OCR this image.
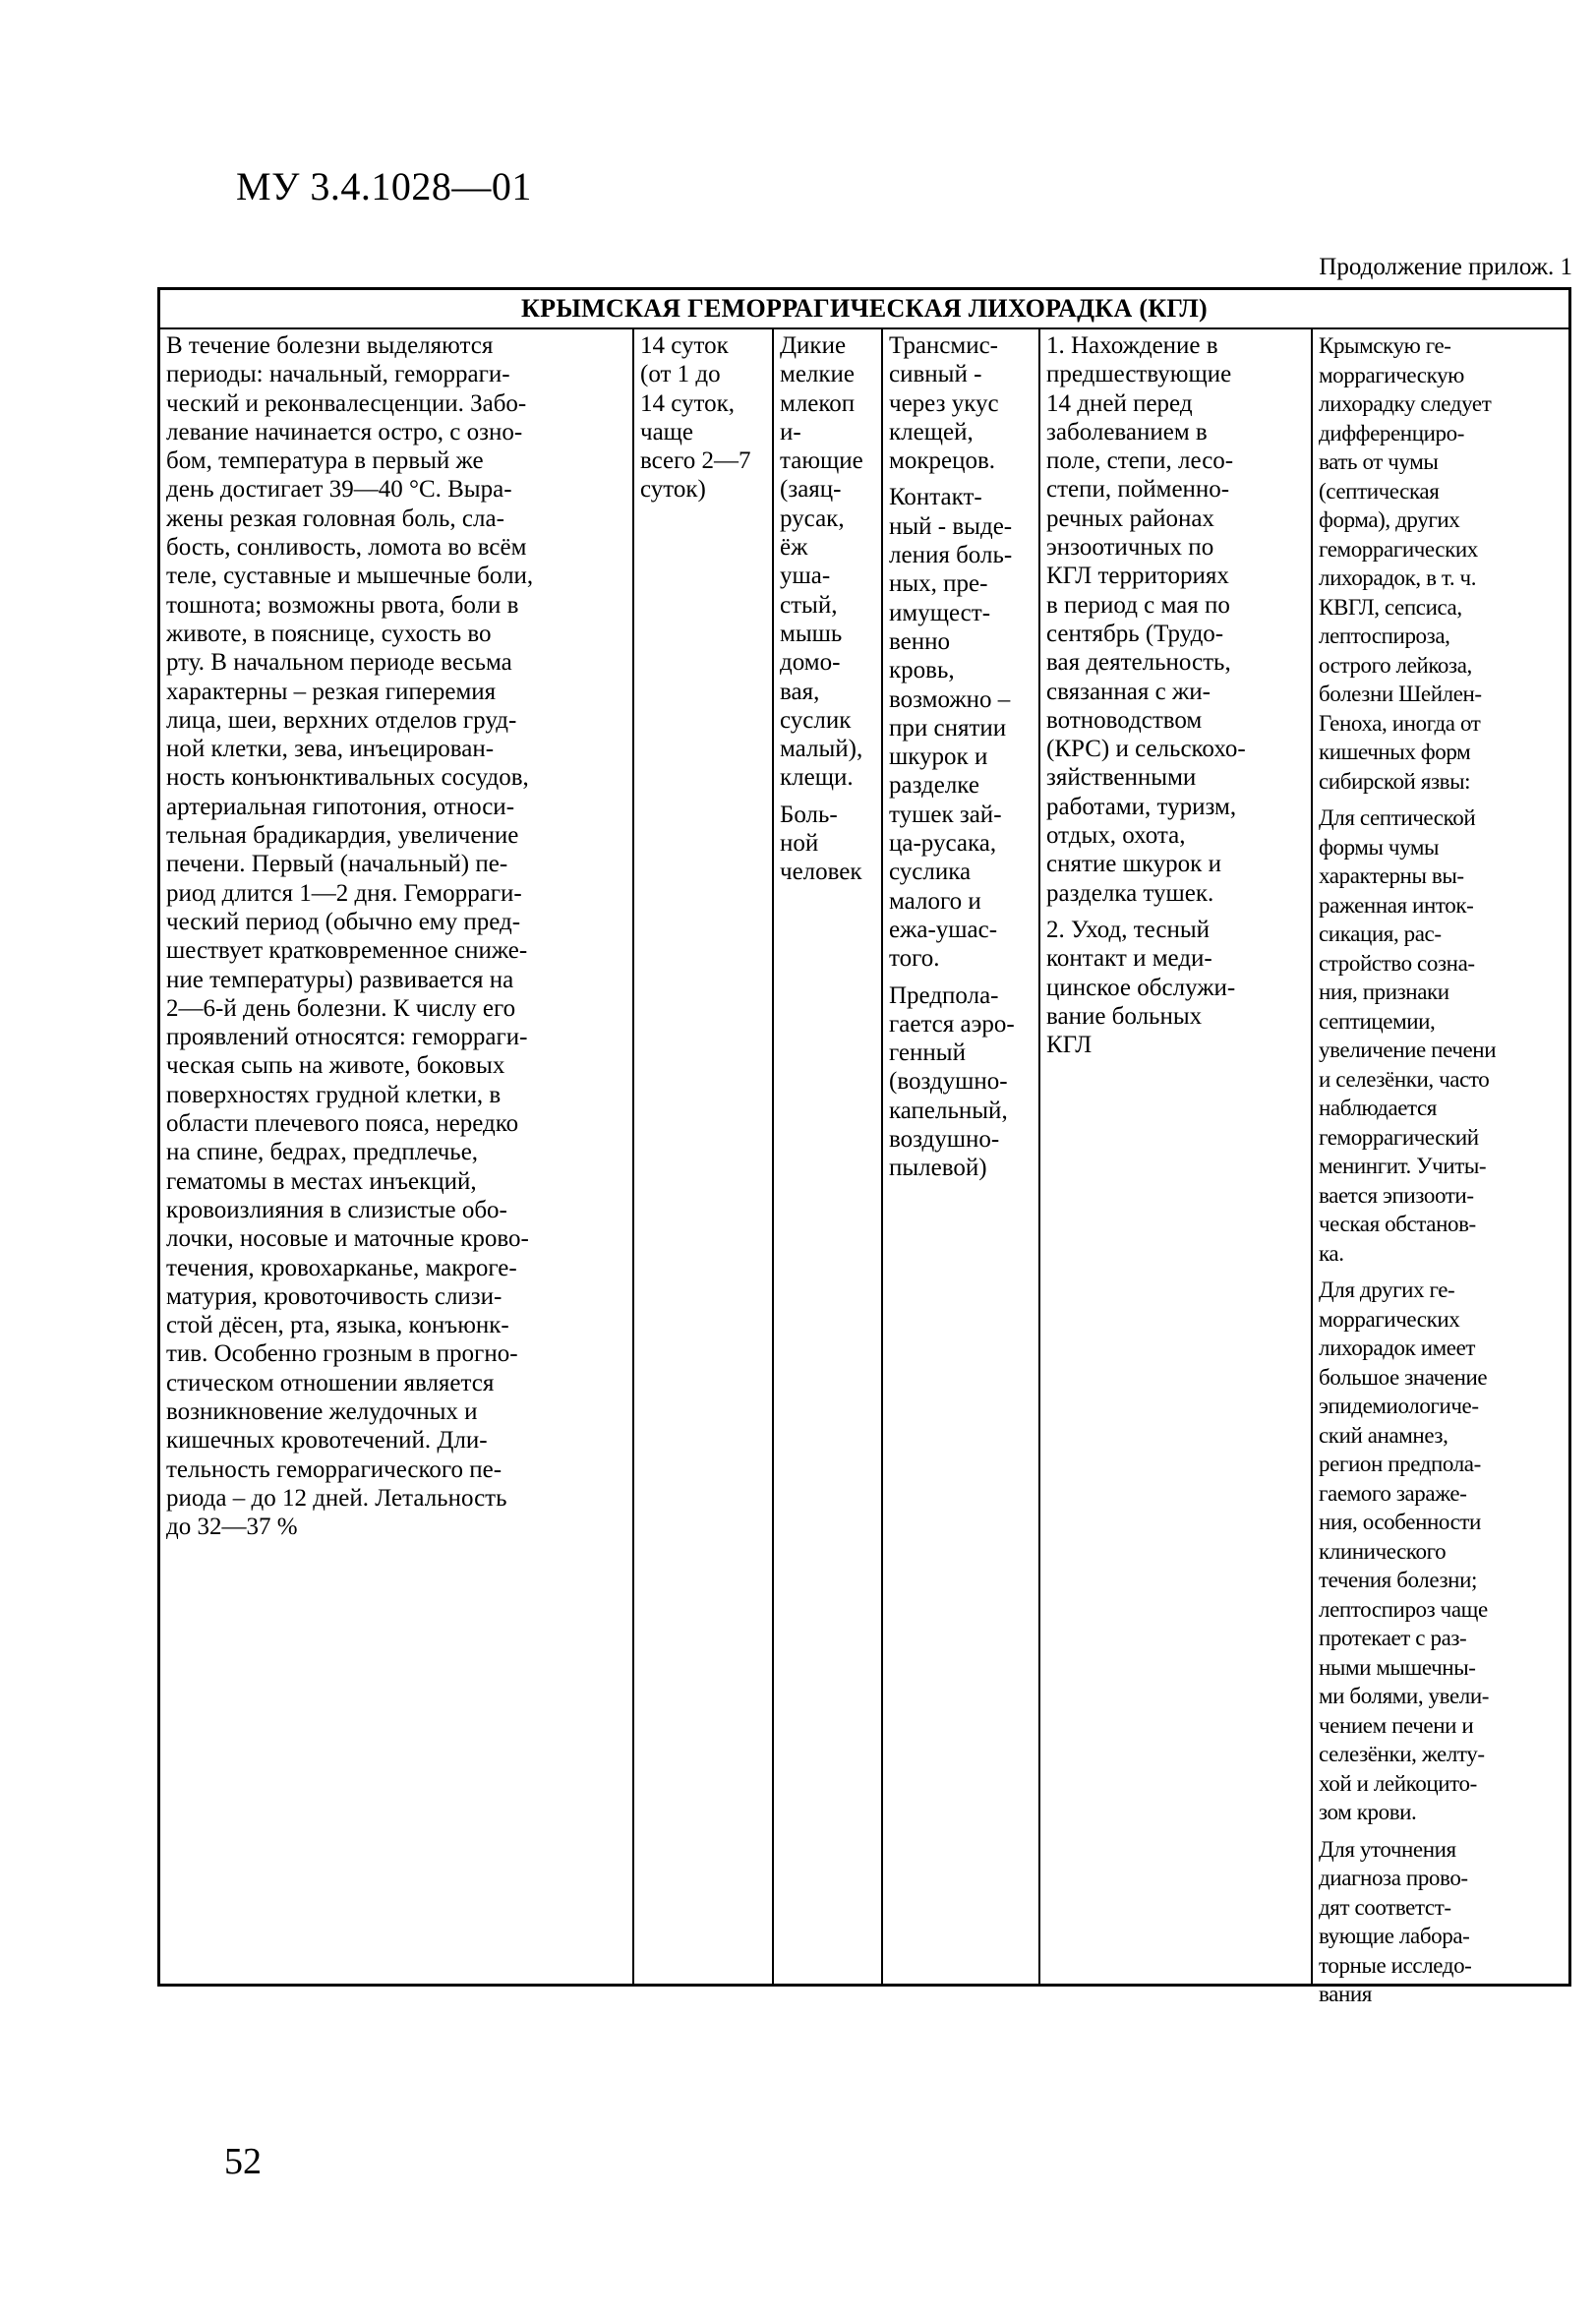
МУ 3.4.1028—01
Продолжение прилож. 1
КРЫМСКАЯ ГЕМОРРАГИЧЕСКАЯ ЛИХОРАДКА (КГЛ)

В течение болезни выделяются
периоды: начальный, геморраги-
ческий и реконвалесценции. Забо-
левание начинается остро, с озно-
бом, температура в первый же
день достигает 39—40 °С. Выра-
жены резкая головная боль, сла-
бость, сонливость, ломота во всём
теле, суставные и мышечные боли,
тошнота; возможны рвота, боли в
животе, в пояснице, сухость во
рту. В начальном периоде весьма
характерны – резкая гиперемия
лица, шеи, верхних отделов груд-
ной клетки, зева, инъецирован-
ность конъюнктивальных сосудов,
артериальная гипотония, относи-
тельная брадикардия, увеличение
печени. Первый (начальный) пе-
риод длится 1—2 дня. Геморраги-
ческий период (обычно ему пред-
шествует кратковременное сниже-
ние температуры) развивается на
2—6-й день болезни. К числу его
проявлений относятся: геморраги-
ческая сыпь на животе, боковых
поверхностях грудной клетки, в
области плечевого пояса, нередко
на спине, бедрах, предплечье,
гематомы в местах инъекций,
кровоизлияния в слизистые обо-
лочки, носовые и маточные крово-
течения, кровохарканье, макроге-
матурия, кровоточивость слизи-
стой дёсен, рта, языка, конъюнк-
тив. Особенно грозным в прогно-
стическом отношении является
возникновение желудочных и
кишечных кровотечений. Дли-
тельность геморрагического пе-
риода – до 12 дней. Летальность
до 32—37 %

14 суток
(от 1 до
14 суток,
чаще
всего 2—7
суток)

Дикие
мелкие
млекоп
и-
тающие
(заяц-
русак,
ёж
уша-
стый,
мышь
домо-
вая,
суслик
малый),
клещи.

Боль-
ной
человек

Трансмис-
сивный -
через укус
клещей,
мокрецов.

Контакт-
ный - выде-
ления боль-
ных, пре-
имущест-
венно
кровь,
возможно –
при снятии
шкурок и
разделке
тушек зай-
ца-русака,
суслика
малого и
ежа-ушас-
того.

Предпола-
гается аэро-
генный
(воздушно-
капельный,
воздушно-
пылевой)

1. Нахождение в
предшествующие
14 дней перед
заболеванием в
поле, степи, лесо-
степи, пойменно-
речных районах
энзоотичных по
КГЛ территориях
в период с мая по
сентябрь (Трудо-
вая деятельность,
связанная с жи-
вотноводством
(КРС) и сельскохо-
зяйственными
работами, туризм,
отдых, охота,
снятие шкурок и
разделка тушек.

2. Уход, тесный
контакт и меди-
цинское обслужи-
вание больных
КГЛ

Крымскую ге-
моррагическую
лихорадку следует
дифференциро-
вать от чумы
(септическая
форма), других
геморрагических
лихорадок, в т. ч.
КВГЛ, сепсиса,
лептоспироза,
острого лейкоза,
болезни Шейлен-
Геноха, иногда от
кишечных форм
сибирской язвы:

Для септической
формы чумы
характерны вы-
раженная инток-
сикация, рас-
стройство созна-
ния, признаки
септицемии,
увеличение печени
и селезёнки, часто
наблюдается
геморрагический
менингит. Учиты-
вается эпизооти-
ческая обстанов-
ка.

Для других ге-
моррагических
лихорадок имеет
большое значение
эпидемиологиче-
ский анамнез,
регион предпола-
гаемого зараже-
ния, особенности
клинического
течения болезни;
лептоспироз чаще
протекает с раз-
ными мышечны-
ми болями, увели-
чением печени и
селезёнки, желту-
хой и лейкоцито-
зом крови.

Для уточнения
диагноза прово-
дят соответст-
вующие лабора-
торные исследо-
вания

52
